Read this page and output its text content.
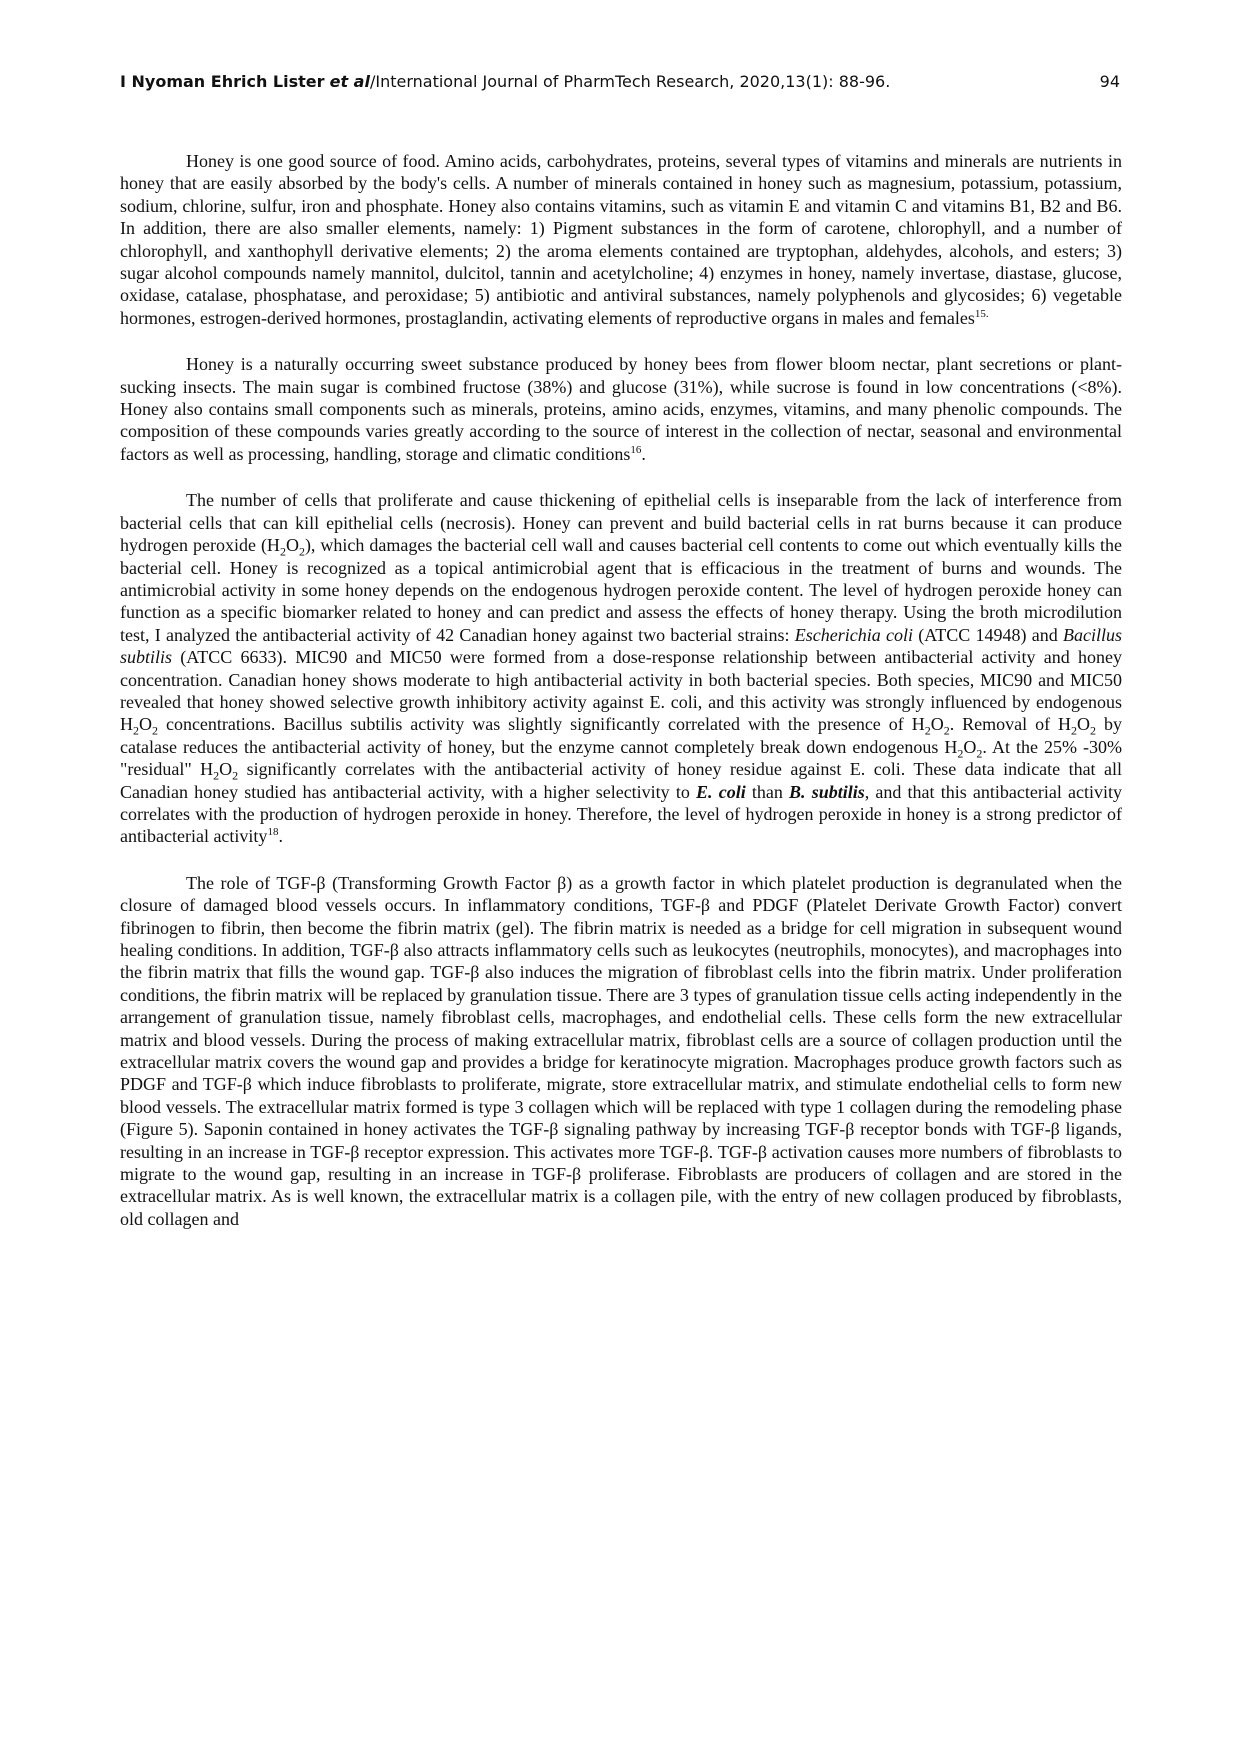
I Nyoman Ehrich Lister et al/International Journal of PharmTech Research, 2020,13(1): 88-96.	94

Honey is one good source of food. Amino acids, carbohydrates, proteins, several types of vitamins and minerals are nutrients in honey that are easily absorbed by the body's cells. A number of minerals contained in honey such as magnesium, potassium, potassium, sodium, chlorine, sulfur, iron and phosphate. Honey also contains vitamins, such as vitamin E and vitamin C and vitamins B1, B2 and B6. In addition, there are also smaller elements, namely: 1) Pigment substances in the form of carotene, chlorophyll, and a number of chlorophyll, and xanthophyll derivative elements; 2) the aroma elements contained are tryptophan, aldehydes, alcohols, and esters; 3) sugar alcohol compounds namely mannitol, dulcitol, tannin and acetylcholine; 4) enzymes in honey, namely invertase, diastase, glucose, oxidase, catalase, phosphatase, and peroxidase; 5) antibiotic and antiviral substances, namely polyphenols and glycosides; 6) vegetable hormones, estrogen-derived hormones, prostaglandin, activating elements of reproductive organs in males and females$^{15.}$

Honey is a naturally occurring sweet substance produced by honey bees from flower bloom nectar, plant secretions or plant-sucking insects. The main sugar is combined fructose (38%) and glucose (31%), while sucrose is found in low concentrations (<8%). Honey also contains small components such as minerals, proteins, amino acids, enzymes, vitamins, and many phenolic compounds. The composition of these compounds varies greatly according to the source of interest in the collection of nectar, seasonal and environmental factors as well as processing, handling, storage and climatic conditions$^{16}$.

The number of cells that proliferate and cause thickening of epithelial cells is inseparable from the lack of interference from bacterial cells that can kill epithelial cells (necrosis). Honey can prevent and build bacterial cells in rat burns because it can produce hydrogen peroxide $(H_2O_2)$, which damages the bacterial cell wall and causes bacterial cell contents to come out which eventually kills the bacterial cell. Honey is recognized as a topical antimicrobial agent that is efficacious in the treatment of burns and wounds. The antimicrobial activity in some honey depends on the endogenous hydrogen peroxide content. The level of hydrogen peroxide honey can function as a specific biomarker related to honey and can predict and assess the effects of honey therapy. Using the broth microdilution test, I analyzed the antibacterial activity of 42 Canadian honey against two bacterial strains: Escherichia coli (ATCC 14948) and Bacillus subtilis (ATCC 6633). MIC90 and MIC50 were formed from a dose-response relationship between antibacterial activity and honey concentration. Canadian honey shows moderate to high antibacterial activity in both bacterial species. Both species, MIC90 and MIC50 revealed that honey showed selective growth inhibitory activity against E. coli, and this activity was strongly influenced by endogenous $H_2O_2$ concentrations. Bacillus subtilis activity was slightly significantly correlated with the presence of $H_2O_2$. Removal of $H_2O_2$ by catalase reduces the antibacterial activity of honey, but the enzyme cannot completely break down endogenous $H_2O_2$. At the 25% -30% "residual" $H_2O_2$ significantly correlates with the antibacterial activity of honey residue against E. coli. These data indicate that all Canadian honey studied has antibacterial activity, with a higher selectivity to E. coli than B. subtilis, and that this antibacterial activity correlates with the production of hydrogen peroxide in honey. Therefore, the level of hydrogen peroxide in honey is a strong predictor of antibacterial activity$^{18}$.

The role of TGF-β (Transforming Growth Factor β) as a growth factor in which platelet production is degranulated when the closure of damaged blood vessels occurs. In inflammatory conditions, TGF-β and PDGF (Platelet Derivate Growth Factor) convert fibrinogen to fibrin, then become the fibrin matrix (gel). The fibrin matrix is needed as a bridge for cell migration in subsequent wound healing conditions. In addition, TGF-β also attracts inflammatory cells such as leukocytes (neutrophils, monocytes), and macrophages into the fibrin matrix that fills the wound gap. TGF-β also induces the migration of fibroblast cells into the fibrin matrix. Under proliferation conditions, the fibrin matrix will be replaced by granulation tissue. There are 3 types of granulation tissue cells acting independently in the arrangement of granulation tissue, namely fibroblast cells, macrophages, and endothelial cells. These cells form the new extracellular matrix and blood vessels. During the process of making extracellular matrix, fibroblast cells are a source of collagen production until the extracellular matrix covers the wound gap and provides a bridge for keratinocyte migration. Macrophages produce growth factors such as PDGF and TGF-β which induce fibroblasts to proliferate, migrate, store extracellular matrix, and stimulate endothelial cells to form new blood vessels. The extracellular matrix formed is type 3 collagen which will be replaced with type 1 collagen during the remodeling phase (Figure 5). Saponin contained in honey activates the TGF-β signaling pathway by increasing TGF-β receptor bonds with TGF-β ligands, resulting in an increase in TGF-β receptor expression. This activates more TGF-β. TGF-β activation causes more numbers of fibroblasts to migrate to the wound gap, resulting in an increase in TGF-β proliferase. Fibroblasts are producers of collagen and are stored in the extracellular matrix. As is well known, the extracellular matrix is a collagen pile, with the entry of new collagen produced by fibroblasts, old collagen and
